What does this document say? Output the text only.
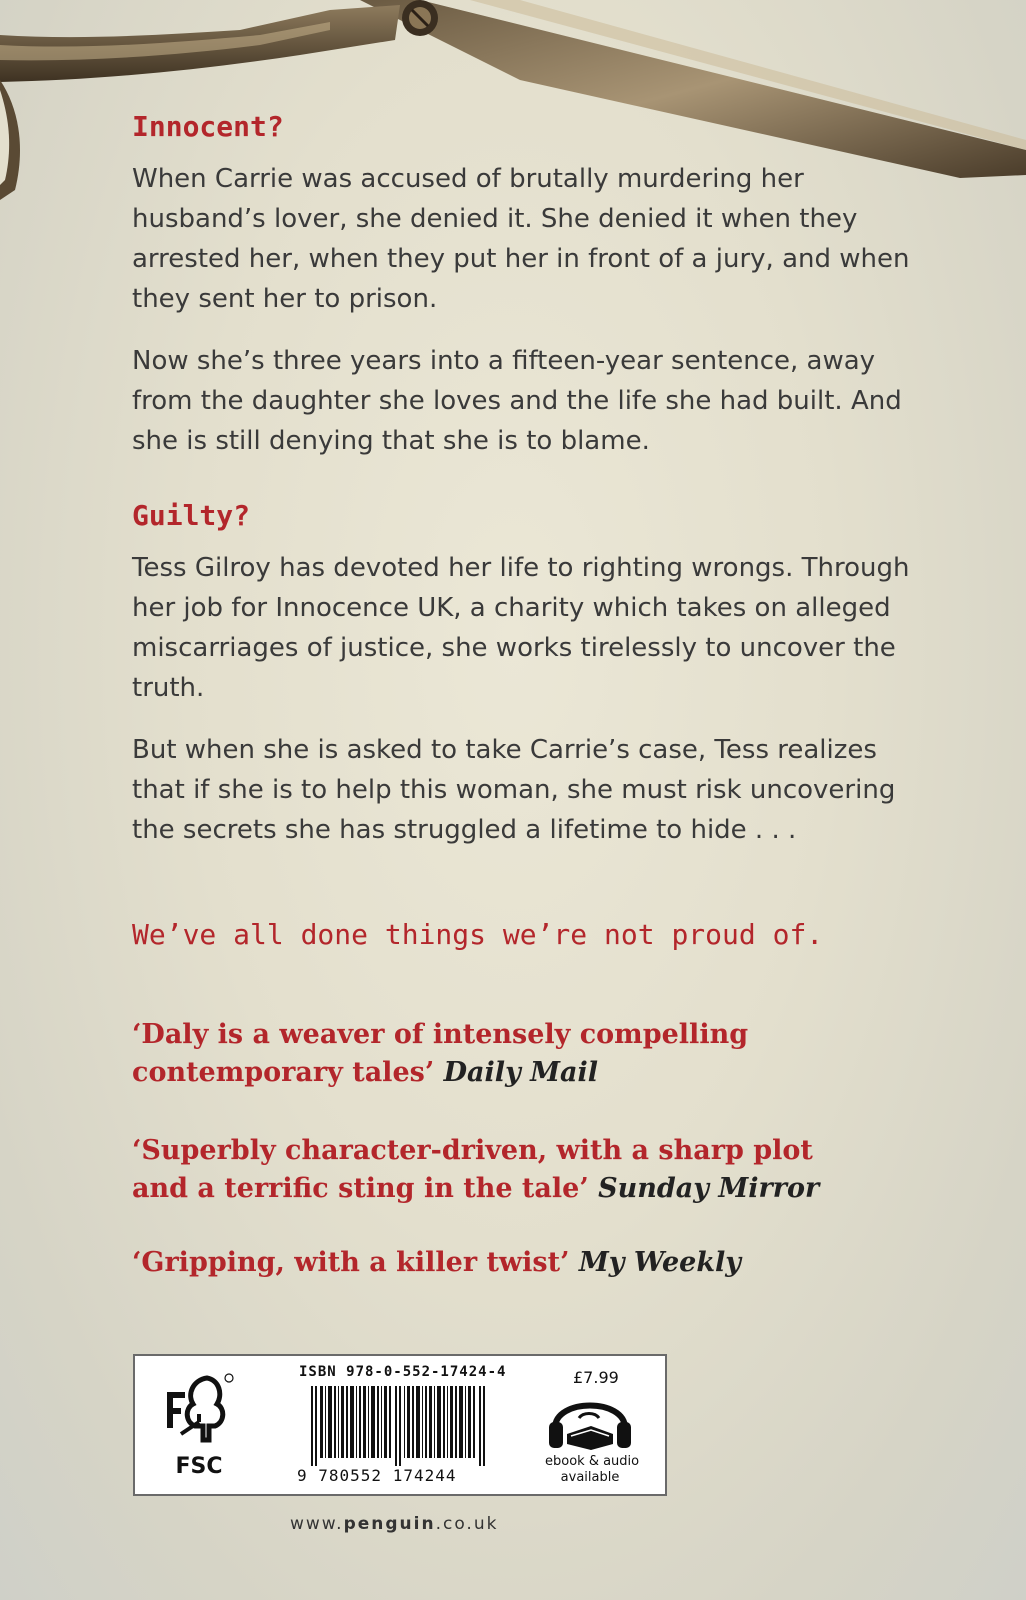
Innocent?

When Carrie was accused of brutally murdering her husband’s lover, she denied it. She denied it when they arrested her, when they put her in front of a jury, and when they sent her to prison.

Now she’s three years into a fifteen-year sentence, away from the daughter she loves and the life she had built. And she is still denying that she is to blame.

Guilty?

Tess Gilroy has devoted her life to righting wrongs. Through her job for Innocence UK, a charity which takes on alleged miscarriages of justice, she works tirelessly to uncover the truth.

But when she is asked to take Carrie’s case, Tess realizes that if she is to help this woman, she must risk uncovering the secrets she has struggled a lifetime to hide . . .

We’ve all done things we’re not proud of.

‘Daly is a weaver of intensely compelling
contemporary tales’ Daily Mail
‘Superbly character-driven, with a sharp plot
and a terrific sting in the tale’ Sunday Mirror
‘Gripping, with a killer twist’ My Weekly
FSC
ISBN 978-0-552-17424-4
9 780552 174244
£7.99
ebook & audio
available
www.penguin.co.uk
